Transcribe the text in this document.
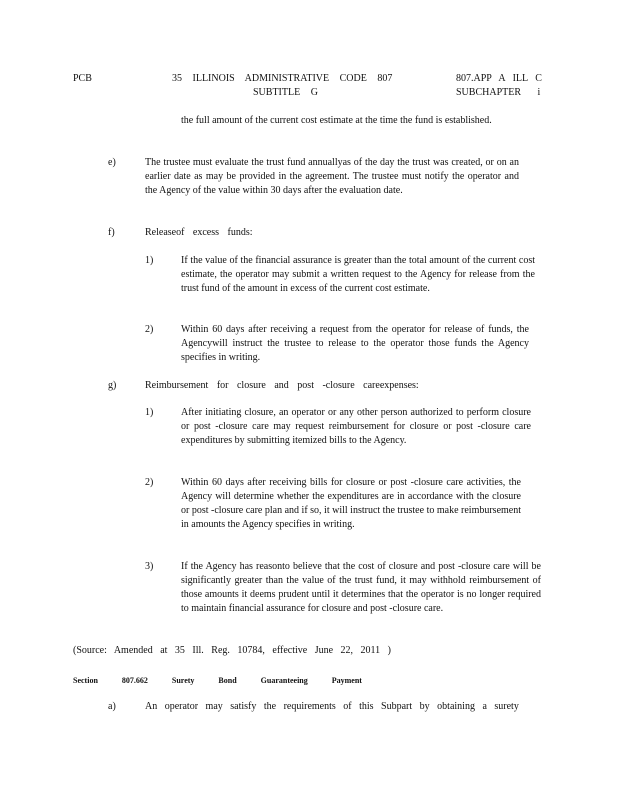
PCB	35 ILLINOIS ADMINISTRATIVE CODE 807
SUBTITLE G
807.APP A ILL C
SUBCHAPTER i
the full amount of the current cost estimate at the time the fund is established.
e)	The trustee must evaluate the trust fund annuallyas of the day the trust was created, or on an earlier date as may be provided in the agreement. The trustee must notify the operator and the Agency of the value within 30 days after the evaluation date.
f)	Releaseof excess funds:
1)	If the value of the financial assurance is greater than the total amount of the current cost estimate, the operator may submit a written request to the Agency for release from the trust fund of the amount in excess of the current cost estimate.
2)	Within 60 days after receiving a request from the operator for release of funds, the Agencywill instruct the trustee to release to the operator those funds the Agency specifies in writing.
g)	Reimbursement for closure and post -closure careexpenses:
1)	After initiating closure, an operator or any other person authorized to perform closure or post -closure care may request reimbursement for closure or post -closure care expenditures by submitting itemized bills to the Agency.
2)	Within 60 days after receiving bills for closure or post -closure care activities, the Agency will determine whether the expenditures are in accordance with the closure or post -closure care plan and if so, it will instruct the trustee to make reimbursement in amounts the Agency specifies in writing.
3)	If the Agency has reasonto believe that the cost of closure and post -closure care will be significantly greater than the value of the trust fund, it may withhold reimbursement of those amounts it deems prudent until it determines that the operator is no longer required to maintain financial assurance for closure and post -closure care.
(Source: Amended at 35 Ill. Reg. 10784, effective June 22, 2011 )
Section 807.662 Surety Bond Guaranteeing Payment
a)	An operator may satisfy the requirements of this Subpart by obtaining a surety
